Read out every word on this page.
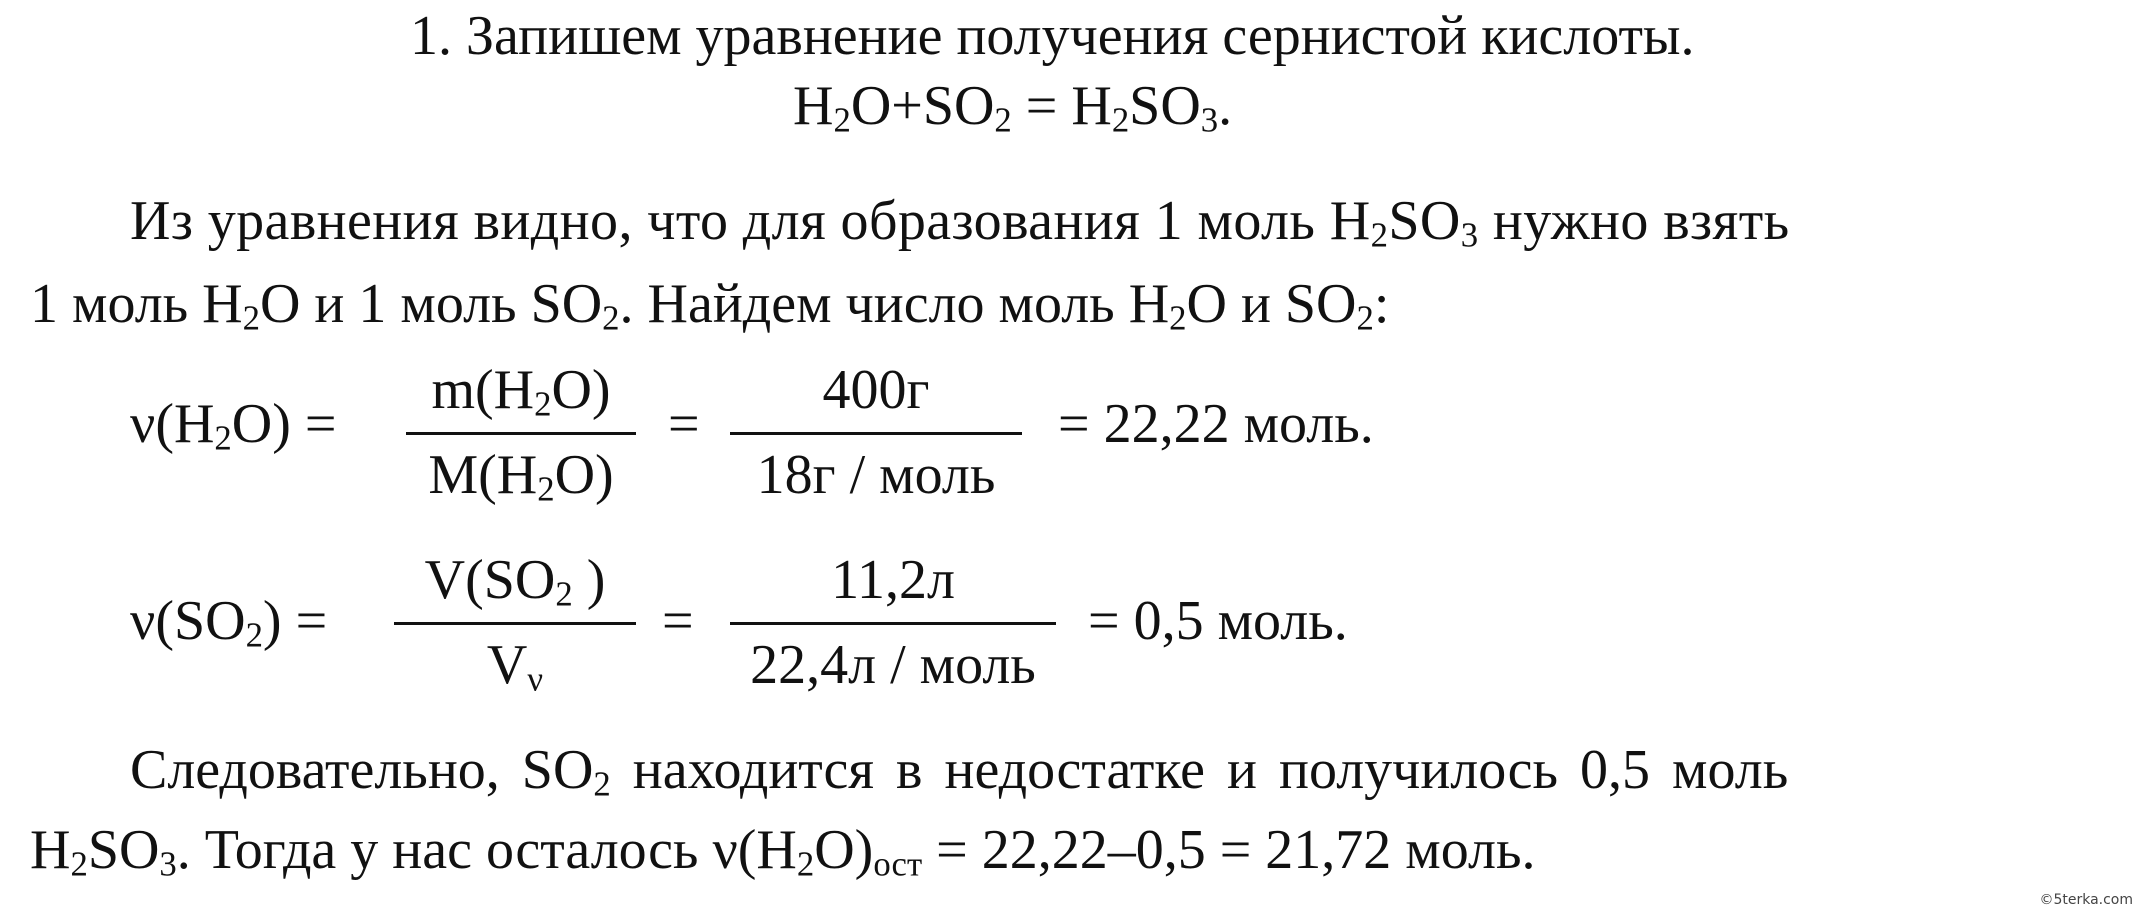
1. Запишем уравнение получения сернистой кислоты.
$H_2O+SO_2 = H_2SO_3$.
Из уравнения видно, что для образования 1 моль $H_2SO_3$ нужно взять
1 моль $H_2O$ и 1 моль $SO_2$. Найдем число моль $H_2O$ и $SO_2$:
$\nu(H_2O) = \frac{m(H_2O)}{M(H_2O)}$ =
400г
18г / моль
= 22,22 моль.
$\nu(SO_2) = \frac{V(SO_2 )}{V_\nu}$ =
11,2л
22,4л / моль
= 0,5 моль.
Следовательно, $SO_2$ находится в недостатке и получилось 0,5 моль
$H_2SO_3$. Тогда у нас осталось $\nu(H_2O)_{ост} = 22,22-0,5 = 21,72$ моль.
©5terka.com
